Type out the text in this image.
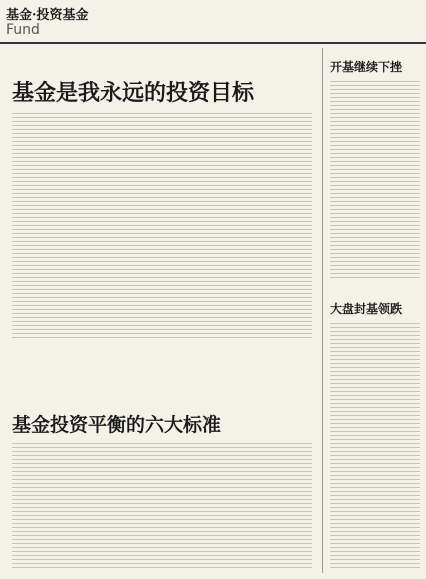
基金·投资基金
Fund
基金是我永远的投资目标
基金投资平衡的六大标准
开基继续下挫
大盘封基领跌
